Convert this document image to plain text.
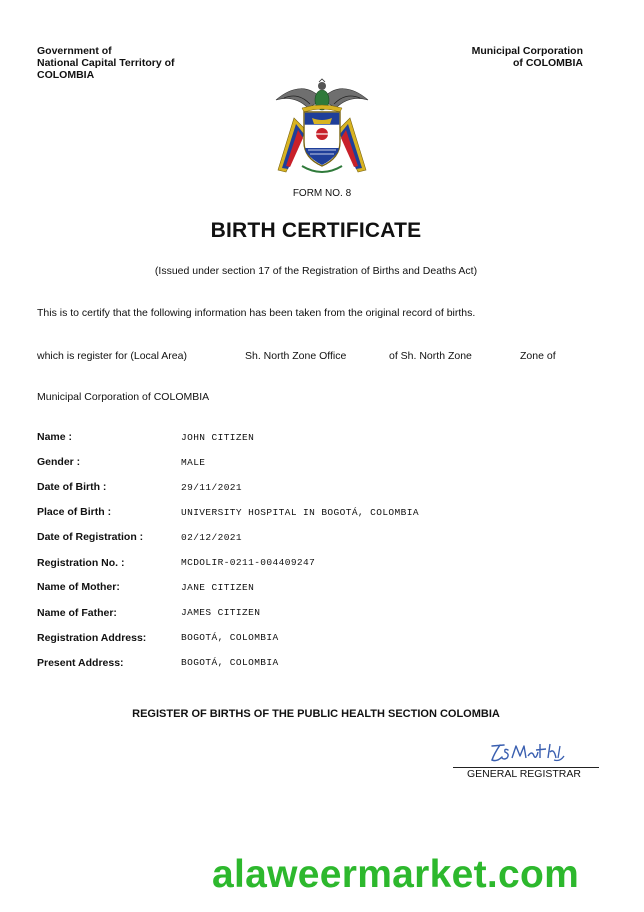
Government of
National Capital Territory of
COLOMBIA
Municipal Corporation
of COLOMBIA
FORM NO. 8
BIRTH CERTIFICATE
(Issued under section 17 of the Registration of Births and Deaths Act)
This is to certify that the following information has been taken from the original record of births.
which is register for (Local Area)	Sh. North Zone Office	of Sh. North Zone	Zone of
Municipal Corporation of COLOMBIA
Name :	JOHN CITIZEN
Gender :	MALE
Date of Birth :	29/11/2021
Place of Birth :	UNIVERSITY HOSPITAL IN BOGOTÁ, COLOMBIA
Date of Registration :	02/12/2021
Registration No. :	MCDOLIR-0211-004409247
Name of Mother:	JANE CITIZEN
Name of Father:	JAMES CITIZEN
Registration Address:	BOGOTÁ, COLOMBIA
Present Address:	BOGOTÁ, COLOMBIA
REGISTER OF BIRTHS OF THE PUBLIC HEALTH SECTION COLOMBIA
GENERAL REGISTRAR
alaweermarket.com
